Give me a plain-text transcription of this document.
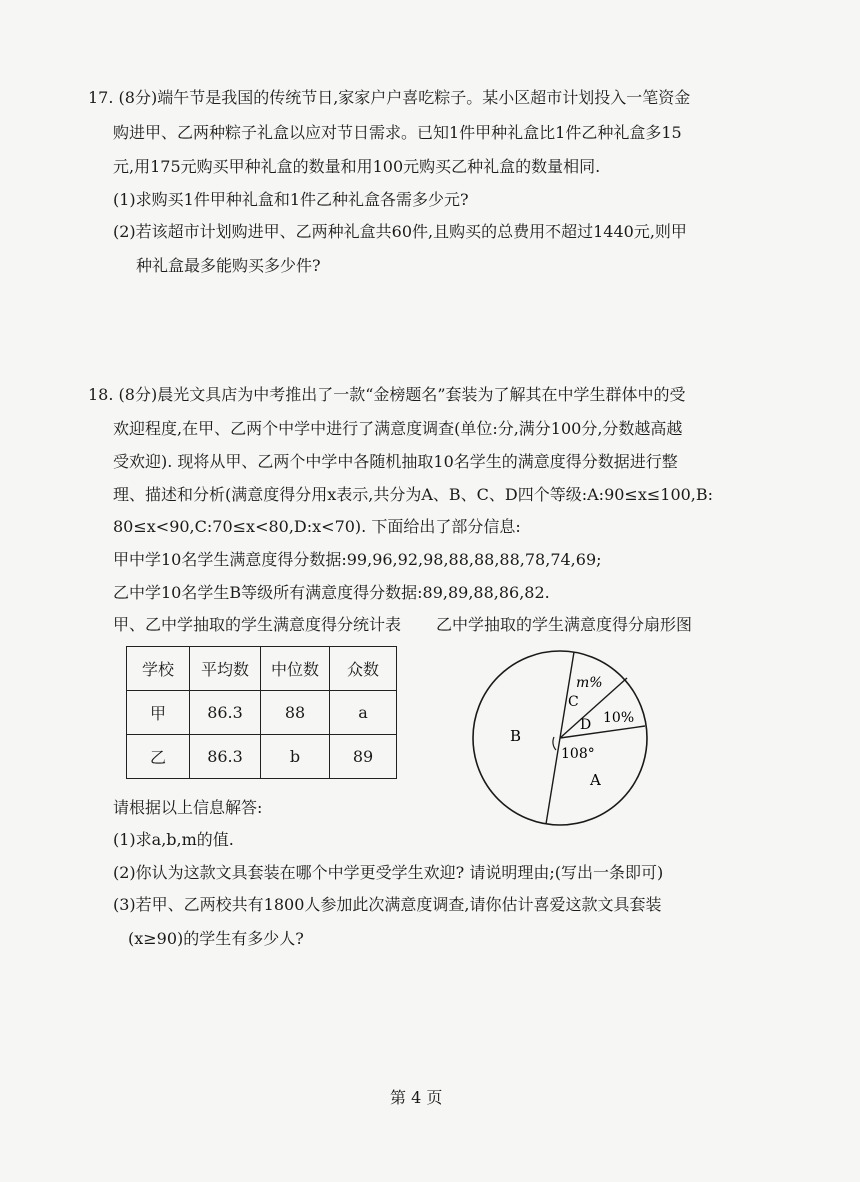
17. (8分)端午节是我国的传统节日,家家户户喜吃粽子。某小区超市计划投入一笔资金
购进甲、乙两种粽子礼盒以应对节日需求。已知1件甲种礼盒比1件乙种礼盒多15
元,用175元购买甲种礼盒的数量和用100元购买乙种礼盒的数量相同.
(1)求购买1件甲种礼盒和1件乙种礼盒各需多少元?
(2)若该超市计划购进甲、乙两种礼盒共60件,且购买的总费用不超过1440元,则甲
种礼盒最多能购买多少件?
18. (8分)晨光文具店为中考推出了一款“金榜题名”套装为了解其在中学生群体中的受
欢迎程度,在甲、乙两个中学中进行了满意度调查(单位:分,满分100分,分数越高越
受欢迎). 现将从甲、乙两个中学中各随机抽取10名学生的满意度得分数据进行整
理、描述和分析(满意度得分用x表示,共分为A、B、C、D四个等级:A:90≤x≤100,B:
80≤x<90,C:70≤x<80,D:x<70). 下面给出了部分信息:
甲中学10名学生满意度得分数据:99,96,92,98,88,88,88,78,74,69;
乙中学10名学生B等级所有满意度得分数据:89,89,88,86,82.
甲、乙中学抽取的学生满意度得分统计表 乙中学抽取的学生满意度得分扇形图
学校	平均数	中位数	众数
甲	86.3	88	a
乙	86.3	b	89
B
C
m%
D 10%
108°
A
请根据以上信息解答:
(1)求a,b,m的值.
(2)你认为这款文具套装在哪个中学更受学生欢迎? 请说明理由;(写出一条即可)
(3)若甲、乙两校共有1800人参加此次满意度调查,请你估计喜爱这款文具套装
(x≥90)的学生有多少人?
第 4 页
